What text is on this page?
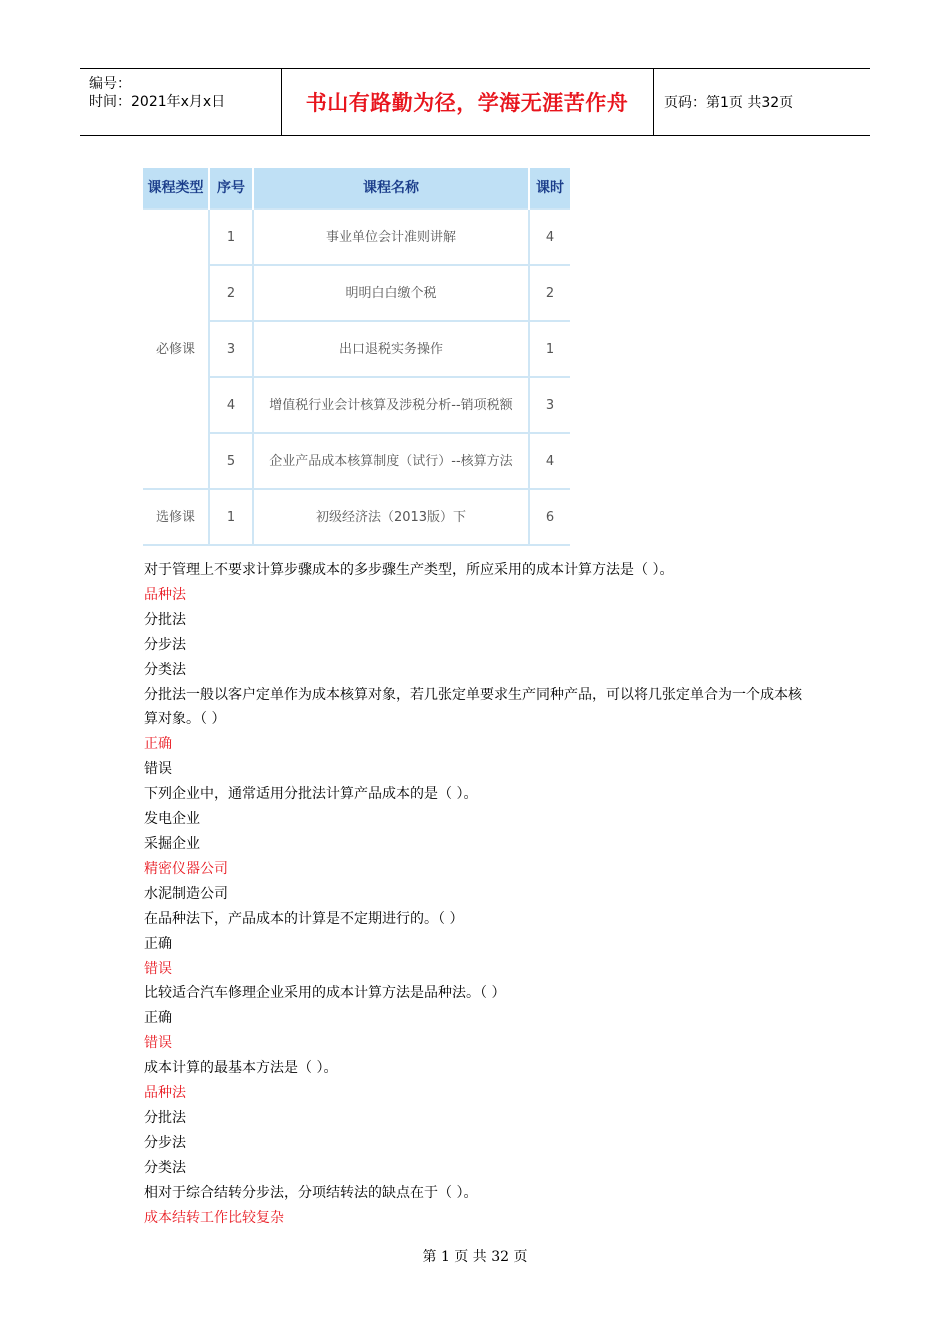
编号：
时间：2021年x月x日	书山有路勤为径，学海无涯苦作舟	页码：第1页 共32页
课程类型	序号	课程名称	课时
必修课	1	事业单位会计准则讲解	4
	2	明明白白缴个税	2
	3	出口退税实务操作	1
	4	增值税行业会计核算及涉税分析--销项税额	3
	5	企业产品成本核算制度（试行）--核算方法	4
选修课	1	初级经济法（2013版）下	6

对于管理上不要求计算步骤成本的多步骤生产类型，所应采用的成本计算方法是（ ）。

品种法

分批法

分步法

分类法

分批法一般以客户定单作为成本核算对象，若几张定单要求生产同种产品，可以将几张定单合为一个成本核算对象。（ ）

正确

错误

下列企业中，通常适用分批法计算产品成本的是（ ）。

发电企业

采掘企业

精密仪器公司

水泥制造公司

在品种法下，产品成本的计算是不定期进行的。（ ）

正确

错误

比较适合汽车修理企业采用的成本计算方法是品种法。（ ）

正确

错误

成本计算的最基本方法是（ ）。

品种法

分批法

分步法

分类法

相对于综合结转分步法，分项结转法的缺点在于（ ）。

成本结转工作比较复杂

第 1 页 共 32 页
